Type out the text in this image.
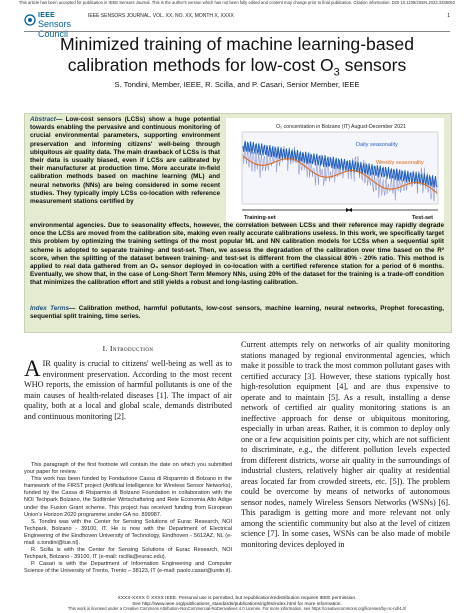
This article has been accepted for publication in IEEE Sensors Journal. This is the author's version which has not been fully edited and content may change prior to final publication. Citation information: DOI 10.1109/JSEN.2023.3336052
IEEE
Sensors Council
IEEE SENSORS JOURNAL, VOL. XX, NO. XX, MONTH X, XXXX	1
Minimized training of machine learning-based
calibration methods for low-cost $O_3$ sensors
S. Tondini, Member, IEEE, R. Scilla, and P. Casari, Senior Member, IEEE
Abstract— Low-cost sensors (LCSs) show a huge potential towards enabling the pervasive and continuous monitoring of crucial environmental parameters, supporting environment preservation and informing citizens' well-being through ubiquitous air quality data. The main drawback of LCSs is that their data is usually biased, even if LCSs are calibrated by their manufacturer at production time. More accurate in-field calibration methods based on machine learning (ML) and neural networks (NNs) are being considered in some recent studies. They typically imply LCSs co-location with reference measurement stations certified by
O₃ concentration in Bolzano (IT) August-December 2021
Daily seasonality
Weekly seasonality
Training-set	Test-set
environmental agencies. Due to seasonality effects, however, the correlation between LCSs and their reference may rapidly degrade once the LCSs are moved from the calibration site, making even really accurate calibrations useless. In this work, we specifically target this problem by optimizing the training settings of the most popular ML and NN calibration models for LCSs when a sequential split scheme is adopted to separate training- and test-set. Then, we assess the degradation of the calibration over time based on the R² score, when the splitting of the dataset between training- and test-set is different from the classical 80% - 20% ratio. This method is applied to real data gathered from an O₃ sensor deployed in co-location with a certified reference station for a period of 6 months. Eventually, we show that, in the case of Long-Short Term Memory NNs, using 20% of the dataset for the training is a trade-off condition that minimizes the calibration effort and still yields a robust and long-lasting calibration.
Index Terms— Calibration method, harmful pollutants, low-cost sensors, machine learning, neural networks, Prophet forecasting, sequential split training, time series.
I. Introduction
AIR quality is crucial to citizens' well-being as well as to environment preservation. According to the most recent WHO reports, the emission of harmful pollutants is one of the main causes of health-related diseases [1]. The impact of air quality, both at a local and global scale, demands distributed and continuous monitoring [2].

This paragraph of the first footnote will contain the date on which you submitted your paper for review.

This work has been funded by Fondazione Cassa di Risparmio di Bolzano in the framework of the FIRST project (Artificial Intelligence for Wireless Sensor Networks), funded by the Cassa di Risparmio di Bolzano Foundation in collaboration with the NOI Techpark Bolzano, the Südtiroler Wirtschaftsring and Rete Economia Alto Adige under the Fusion Grant scheme. This project has received funding from European Union's Horizon 2020 programme under GA no. 899987.

S. Tondini was with the Center for Sensing Solutions of Eurac Research, NOI Techpark, Bolzano - 39100, IT. He is now with the Department of Electrical Engineering of the Eindhoven University of Technology, Eindhoven - 5612AZ, NL (e-mail: s.tondini@tue.nl).

R. Scilla is with the Center for Sensing Solutions of Eurac Research, NOI Techpark, Bolzano - 39100, IT (e-mail: rscilla@eurac.edu).

P. Casari is with the Department of Information Engineering and Computer Science of the University of Trento, Trento – 38123, IT (e-mail: paolo.casari@unitn.it).

Current attempts rely on networks of air quality monitoring stations managed by regional environmental agencies, which make it possible to track the most common pollutant gases with certified accuracy [3]. However, these stations typically host high-resolution equipment [4], and are thus expensive to operate and to maintain [5]. As a result, installing a dense network of certified air quality monitoring stations is an ineffective approach for dense or ubiquitous monitoring, especially in urban areas. Rather, it is common to deploy only one or a few acquisition points per city, which are not sufficient to discriminate, e.g., the different pollution levels expected from different districts, worse air quality in the surroundings of industrial clusters, relatively higher air quality at residential areas located far from crowded streets, etc. [5]). The problem could be overcome by means of networks of autonomous sensor nodes, namely Wireless Sensors Networks (WSNs) [6]. This paradigm is getting more and more relevant not only among the scientific community but also at the level of citizen science [7]. In some cases, WSNs can be also made of mobile monitoring devices deployed in
XXXX-XXXX © XXXX IEEE. Personal use is permitted, but republication/redistribution requires IEEE permission.
See http://www.ieee.org/publications_standards/publications/rights/index.html for more information.
This work is licensed under a Creative Commons Attribution-NonCommercial-NoDerivatives 4.0 License. For more information, see https://creativecommons.org/licenses/by-nc-nd/4.0/
